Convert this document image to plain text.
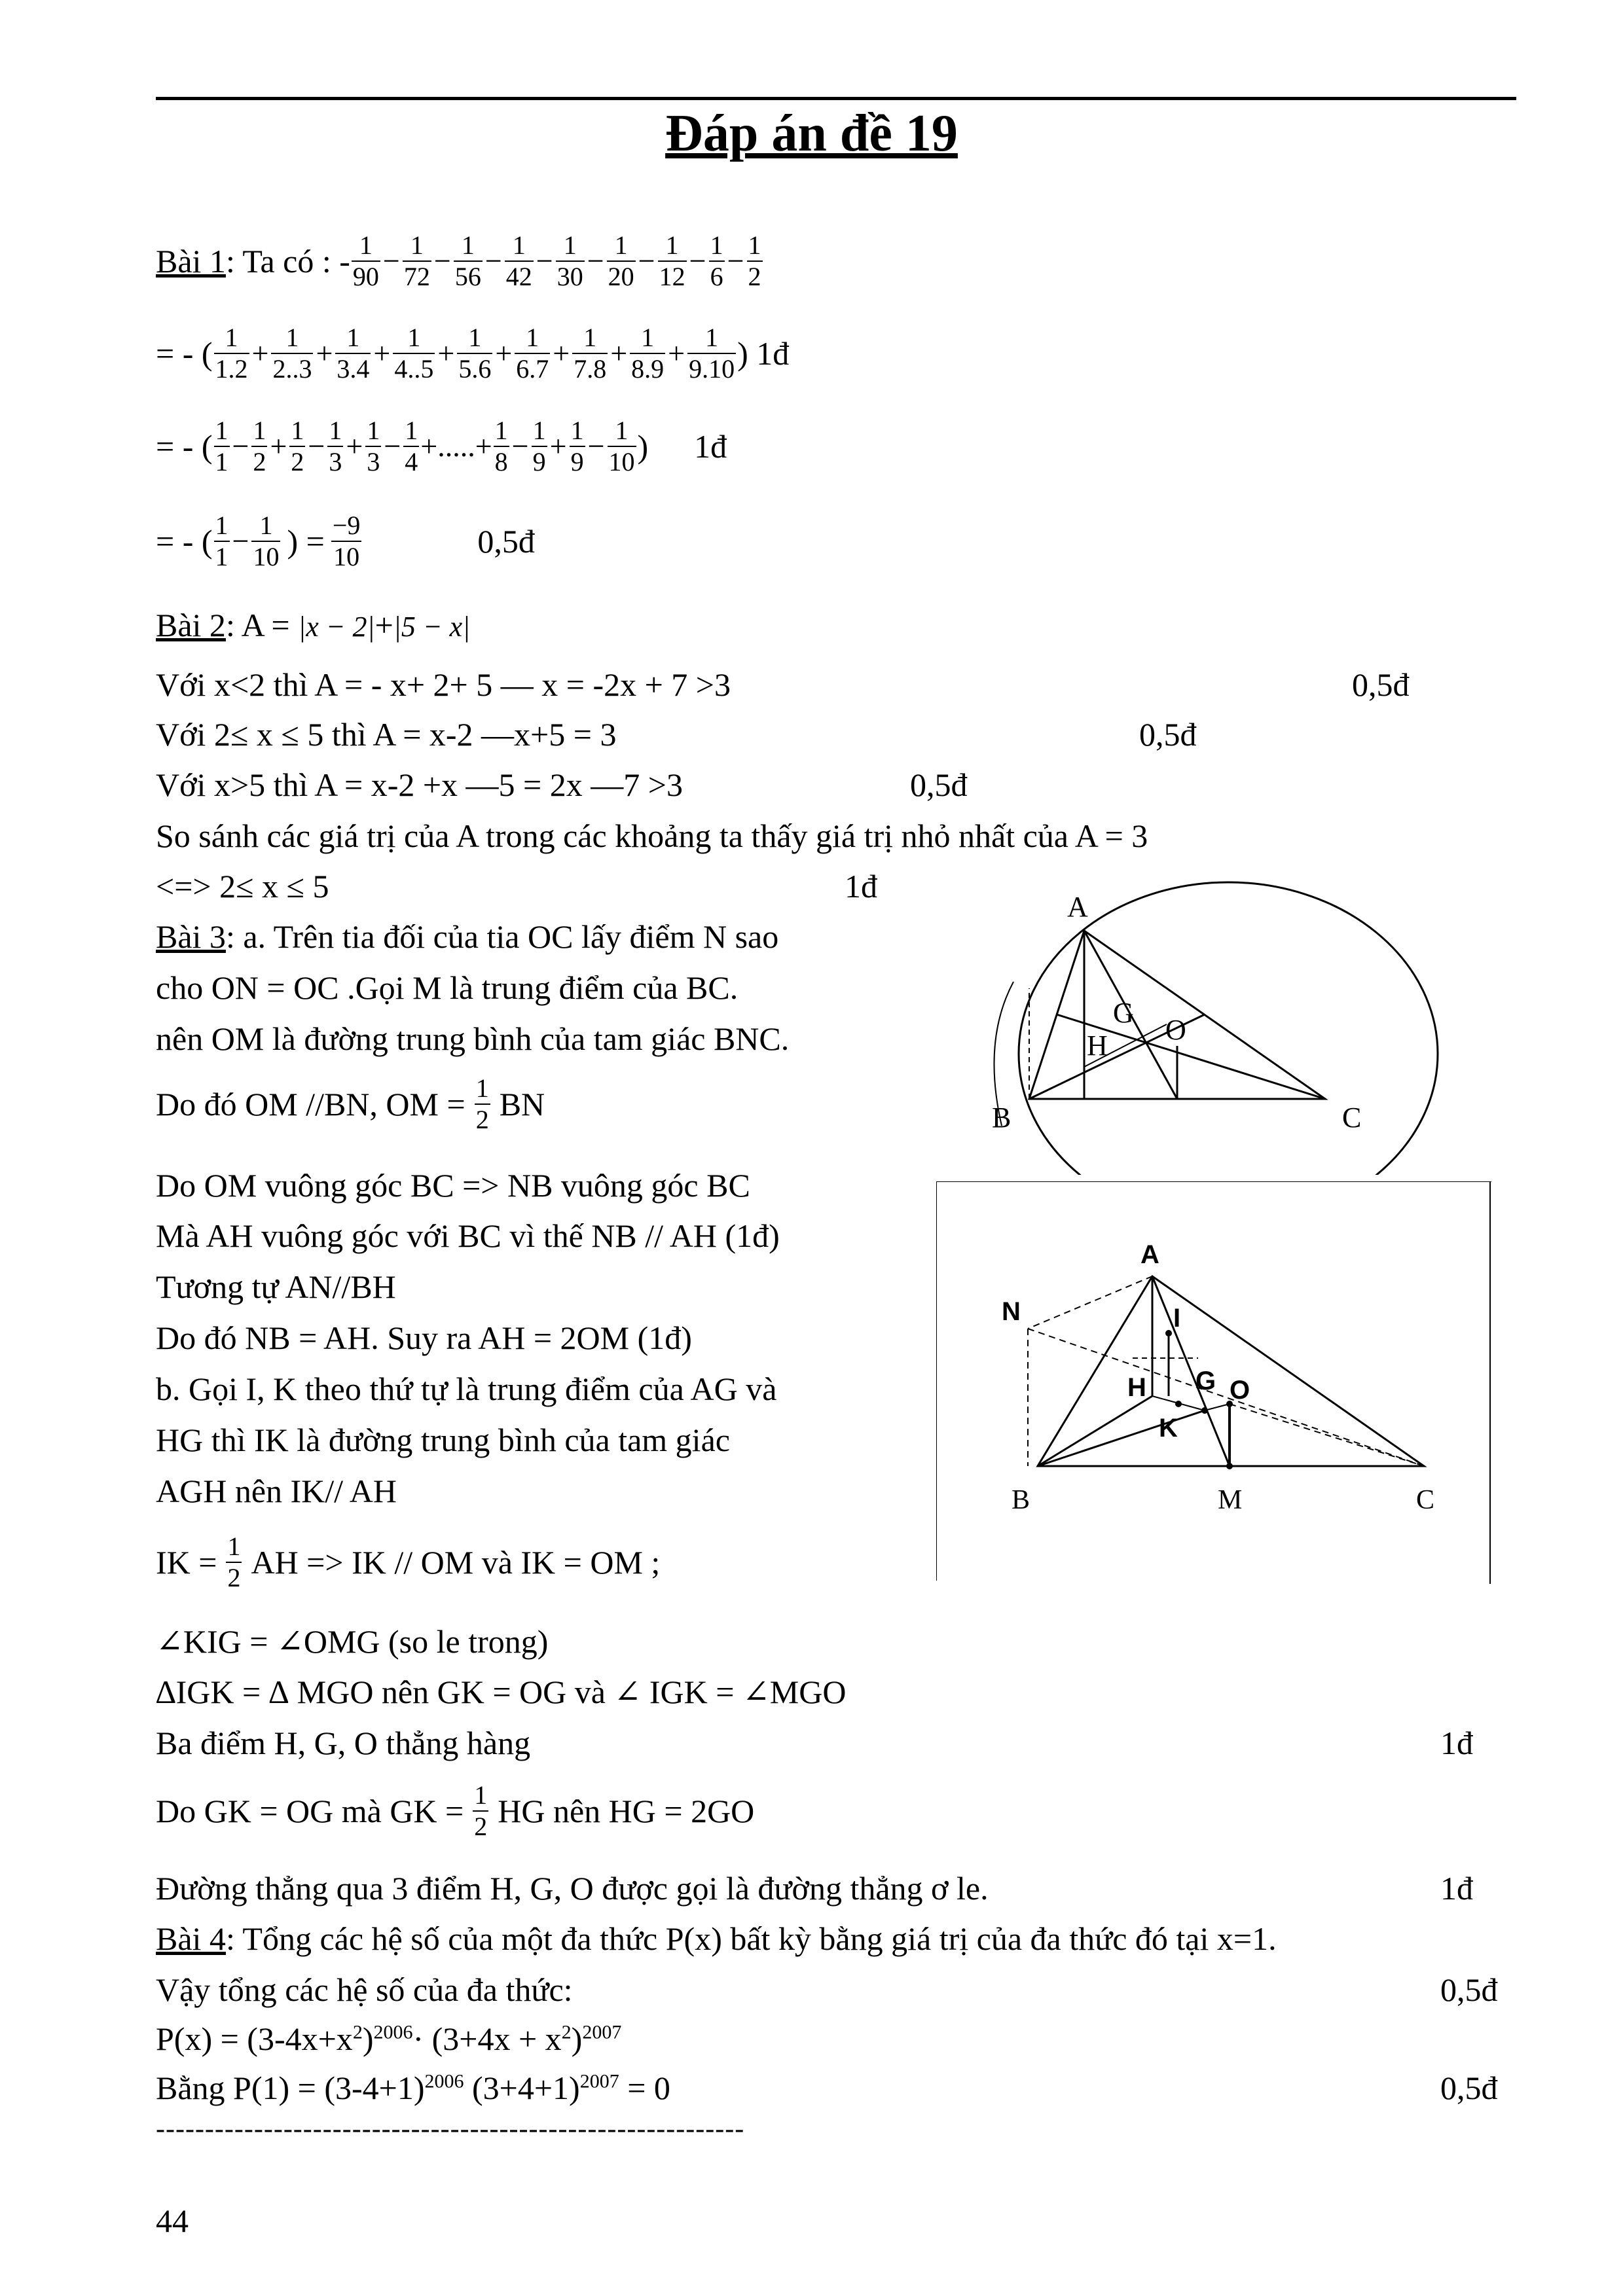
Đáp án đề 19
Bài 1 : Ta có : - 1
$90 - \frac{1}{72} - \frac{1}{56} - \frac{1}{42} - \frac{1}{30} - \frac{1}{20} - \frac{1}{12} - \frac{1}{6} - \frac{1}{2}$
= - ( 1
$1.2 + \frac{1}{2..3} + \frac{1}{3.4} + \frac{1}{4..5} + \frac{1}{5.6} + \frac{1}{6.7} + \frac{1}{7.8} + \frac{1}{8.9} + \frac{1}{9.10}$ ) 1đ
= - ( 1
$1 - \frac{1}{2} + \frac{1}{2} - \frac{1}{3} + \frac{1}{3} - \frac{1}{4}$ +.....+ 1
$8 - \frac{1}{9} + \frac{1}{9} - \frac{1}{10}$ ) 1đ
= - ( 1
$1 - \frac{1}{10}$ ) = $\frac{-9}{10}$	0,5đ
Bài 2: A = |x − 2|+|5 − x|
Với x<2 thì A = - x+ 2+ 5 — x = -2x + 7 >3	0,5đ
Với 2≤ x ≤ 5 thì A = x-2 —x+5 = 3	0,5đ
Với x>5 thì A = x-2 +x —5 = 2x —7 >3	0,5đ
So sánh các giá trị của A trong các khoảng ta thấy giá trị nhỏ nhất của A = 3
<=> 2≤ x ≤ 5	1đ
Bài 3: a. Trên tia đối của tia OC lấy điểm N sao
cho ON = OC .Gọi M là trung điểm của BC.
nên OM là đường trung bình của tam giác BNC.
Do đó OM //BN, OM = $\frac{1}{2}$ BN
Do OM vuông góc BC => NB vuông góc BC
Mà AH vuông góc với BC vì thế NB // AH (1đ)
Tương tự AN//BH
Do đó NB = AH. Suy ra AH = 2OM (1đ)
b. Gọi I, K theo thứ tự là trung điểm của AG và
HG thì IK là đường trung bình của tam giác
AGH nên IK// AH
IK = $\frac{1}{2}$ AH => IK // OM và IK = OM ;
∠KIG = ∠OMG (so le trong)
∆IGK = ∆ MGO nên GK = OG và ∠ IGK = ∠MGO
Ba điểm H, G, O thẳng hàng	1đ
Do GK = OG mà GK = $\frac{1}{2}$ HG nên HG = 2GO
Đường thẳng qua 3 điểm H, G, O được gọi là đường thẳng ơ le.	1đ
Bài 4: Tổng các hệ số của một đa thức P(x) bất kỳ bằng giá trị của đa thức đó tại x=1.
Vậy tổng các hệ số của đa thức:	0,5đ
$P(x) = (3-4x+x^2)^{2006}\cdot (3+4x + x^2)^{2007}$
Bằng $P(1) = (3-4+1)^{2006}$ $(3+4+1)^{2007} = 0$	0,5đ
------------------------------------------------------------
44
A
B	C
G
H O
A
N	I
H G O
K
B	M	C
